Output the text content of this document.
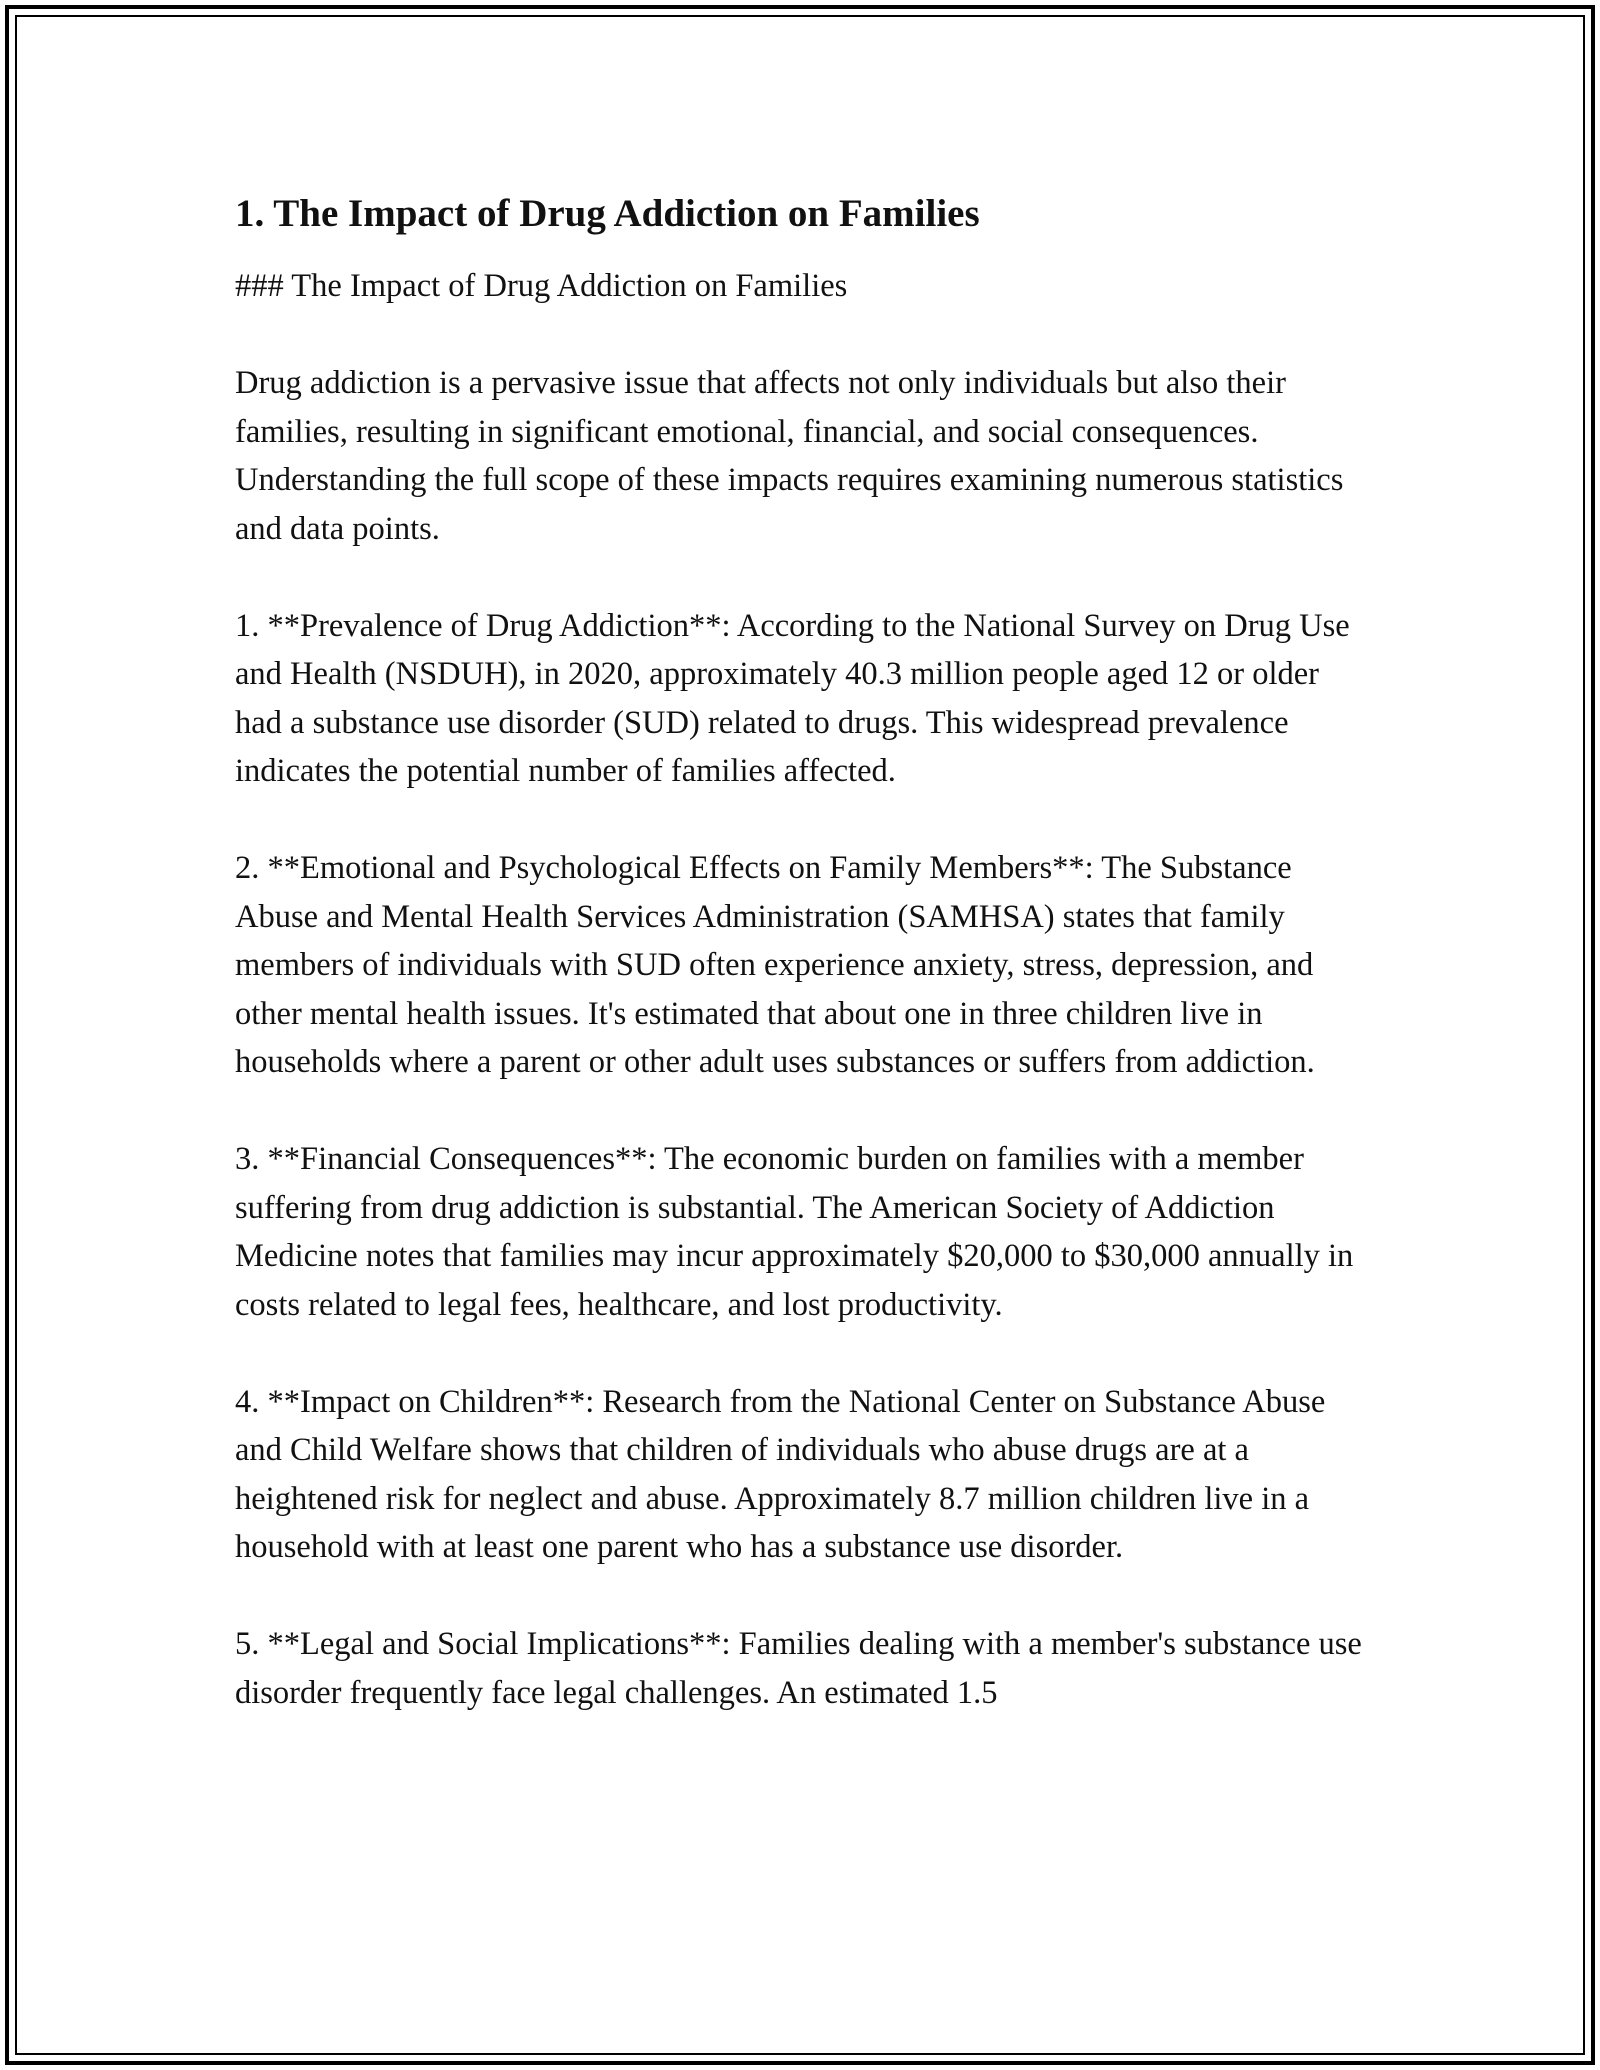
1. The Impact of Drug Addiction on Families

### The Impact of Drug Addiction on Families

Drug addiction is a pervasive issue that affects not only individuals but also their families, resulting in significant emotional, financial, and social consequences. Understanding the full scope of these impacts requires examining numerous statistics and data points.

1. **Prevalence of Drug Addiction**: According to the National Survey on Drug Use and Health (NSDUH), in 2020, approximately 40.3 million people aged 12 or older had a substance use disorder (SUD) related to drugs. This widespread prevalence indicates the potential number of families affected.

2. **Emotional and Psychological Effects on Family Members**: The Substance Abuse and Mental Health Services Administration (SAMHSA) states that family members of individuals with SUD often experience anxiety, stress, depression, and other mental health issues. It's estimated that about one in three children live in households where a parent or other adult uses substances or suffers from addiction.

3. **Financial Consequences**: The economic burden on families with a member suffering from drug addiction is substantial. The American Society of Addiction Medicine notes that families may incur approximately $20,000 to $30,000 annually in costs related to legal fees, healthcare, and lost productivity.

4. **Impact on Children**: Research from the National Center on Substance Abuse and Child Welfare shows that children of individuals who abuse drugs are at a heightened risk for neglect and abuse. Approximately 8.7 million children live in a household with at least one parent who has a substance use disorder.

5. **Legal and Social Implications**: Families dealing with a member's substance use disorder frequently face legal challenges. An estimated 1.5
